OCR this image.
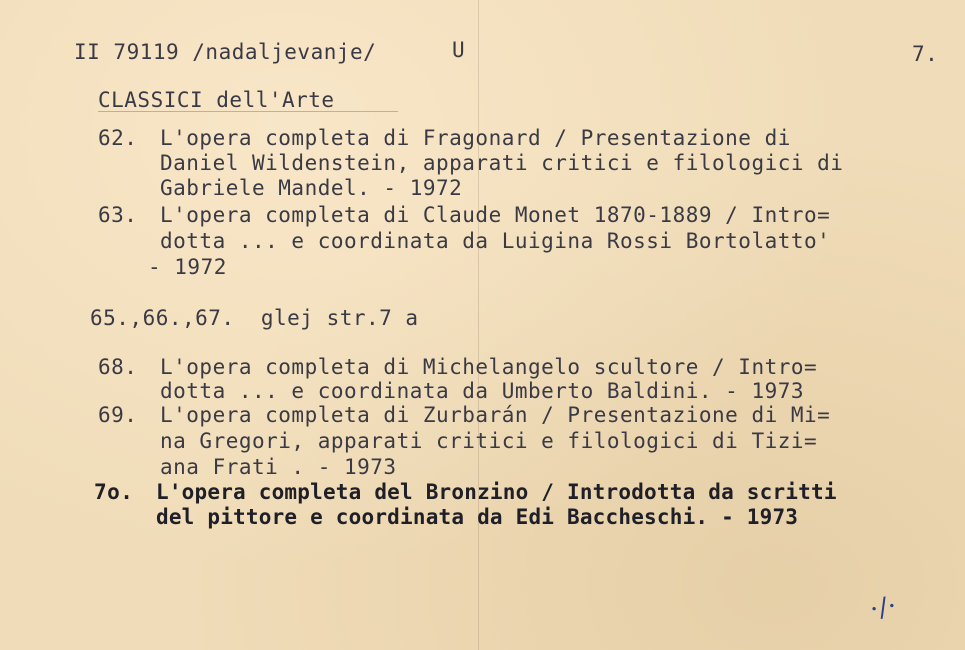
II 79119 /nadaljevanje/	U	7.
CLASSICI dell'Arte
62. L'opera completa di Fragonard / Presentazione di
Daniel Wildenstein, apparati critici e filologici di
Gabriele Mandel. - 1972
63. L'opera completa di Claude Monet 1870-1889 / Intro=
dotta ... e coordinata da Luigina Rossi Bortolatto'
- 1972
65.,66.,67.  glej str.7 a
68. L'opera completa di Michelangelo scultore / Intro=
dotta ... e coordinata da Umberto Baldini. - 1973
69. L'opera completa di Zurbarán / Presentazione di Mi=
na Gregori, apparati critici e filologici di Tizi=
ana Frati . - 1973
7o. L'opera completa del Bronzino / Introdotta da scritti
del pittore e coordinata da Edi Baccheschi. - 1973
·/·
